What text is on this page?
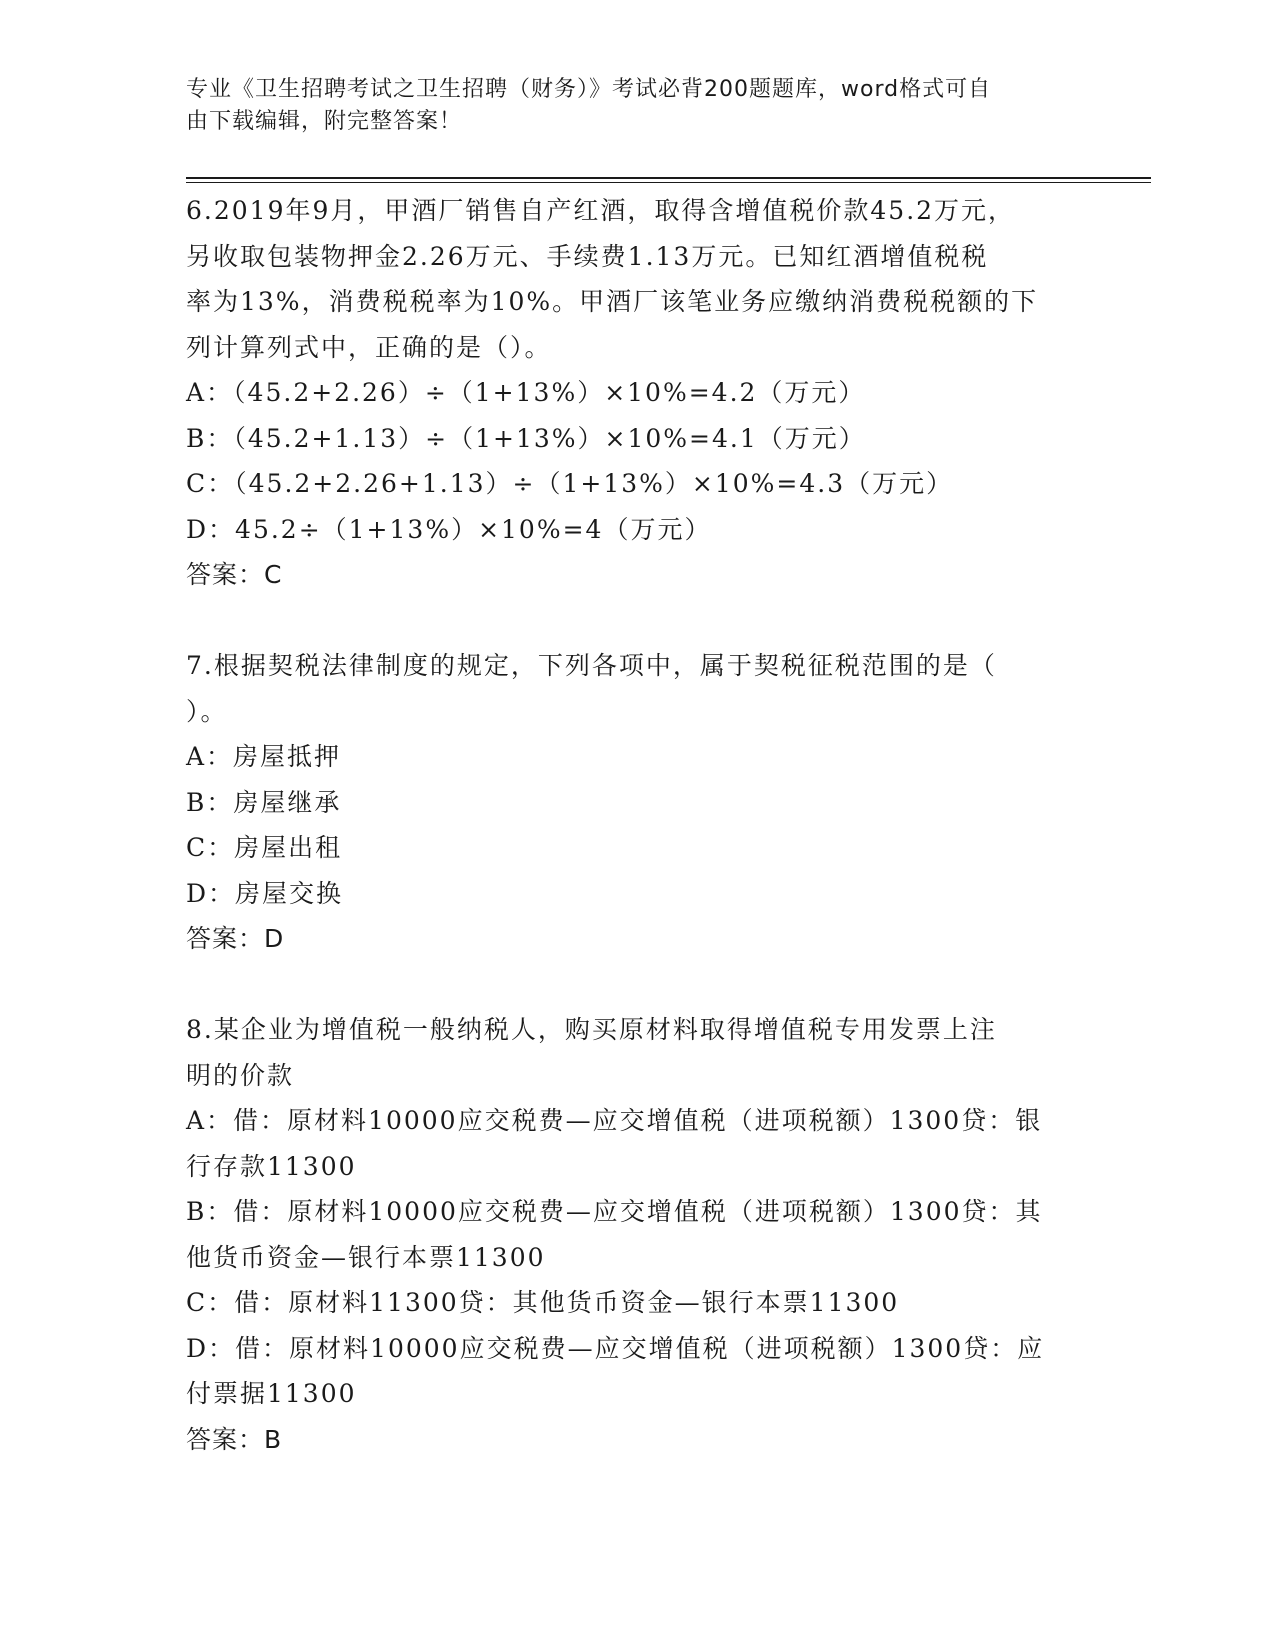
专业《卫生招聘考试之卫生招聘（财务）》考试必背200题题库，word格式可自
由下载编辑，附完整答案！
6.2019年9月，甲酒厂销售自产红酒，取得含增值税价款45.2万元，
另收取包装物押金2.26万元、手续费1.13万元。已知红酒增值税税
率为13%，消费税税率为10%。甲酒厂该笔业务应缴纳消费税税额的下
列计算列式中，正确的是（）。
A：（45.2+2.26）÷（1+13%）×10%=4.2（万元）
B：（45.2+1.13）÷（1+13%）×10%=4.1（万元）
C：（45.2+2.26+1.13）÷（1+13%）×10%=4.3（万元）
D：45.2÷（1+13%）×10%=4（万元）
答案：C
7.根据契税法律制度的规定，下列各项中，属于契税征税范围的是（
）。
A：房屋抵押
B：房屋继承
C：房屋出租
D：房屋交换
答案：D
8.某企业为增值税一般纳税人，购买原材料取得增值税专用发票上注
明的价款
A：借：原材料10000应交税费—应交增值税（进项税额）1300贷：银
行存款11300
B：借：原材料10000应交税费—应交增值税（进项税额）1300贷：其
他货币资金—银行本票11300
C：借：原材料11300贷：其他货币资金—银行本票11300
D：借：原材料10000应交税费—应交增值税（进项税额）1300贷：应
付票据11300
答案：B
